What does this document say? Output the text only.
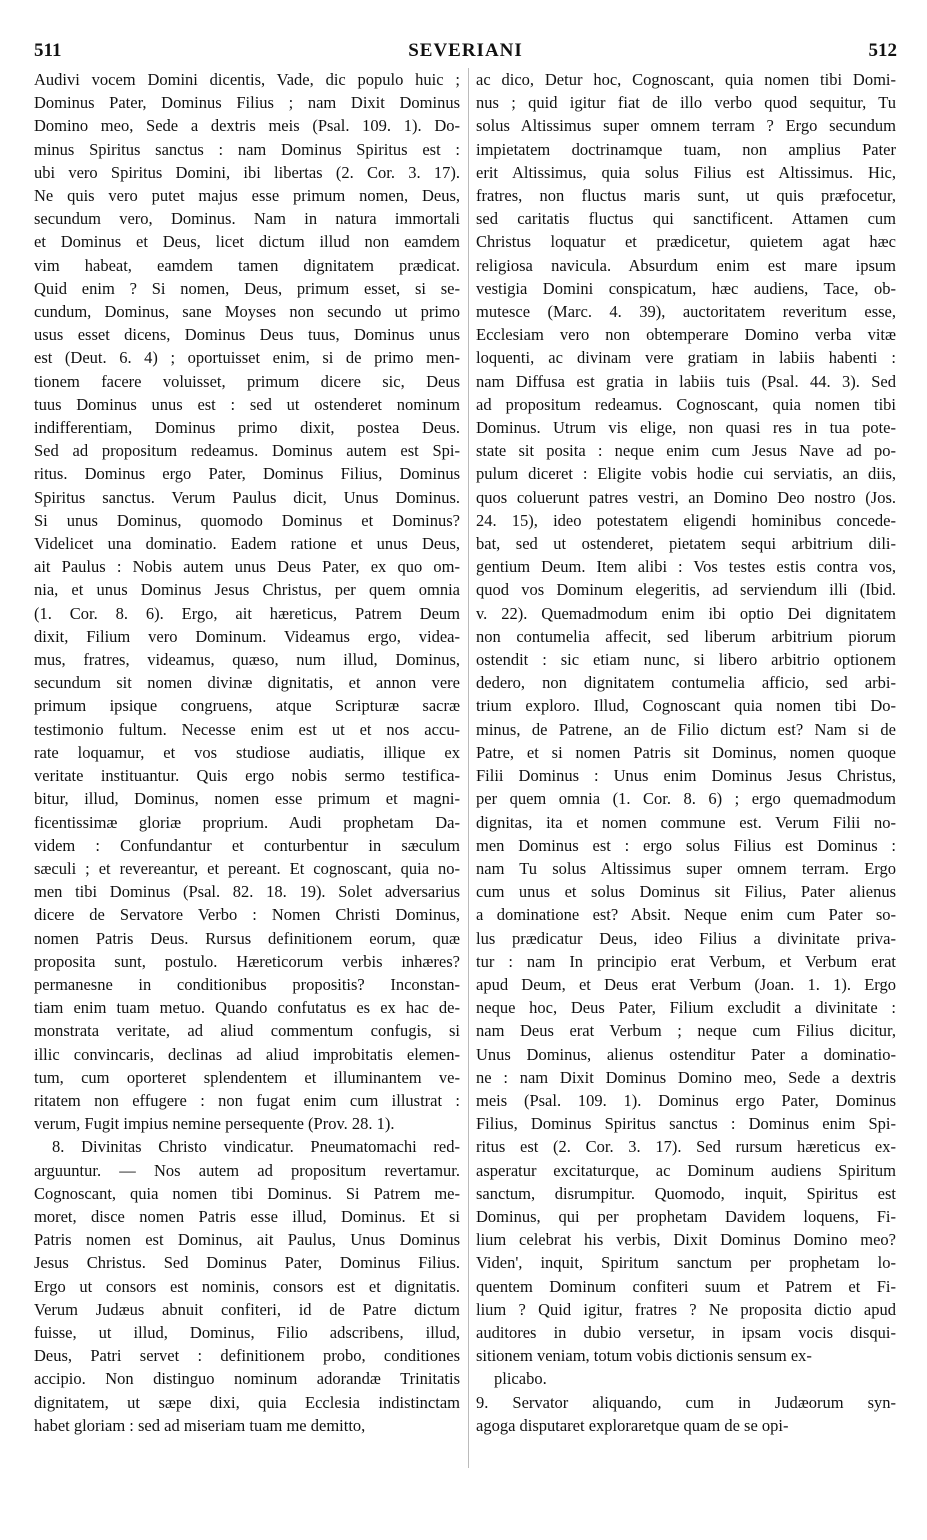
511	SEVERIANI	512
Audivi vocem Domini dicentis, Vade, dic populo huic ;
Dominus Pater, Dominus Filius ; nam Dixit Dominus
Domino meo, Sede a dextris meis (Psal. 109. 1). Do-
minus Spiritus sanctus : nam Dominus Spiritus est :
ubi vero Spiritus Domini, ibi libertas (2. Cor. 3. 17).
Ne quis vero putet majus esse primum nomen, Deus,
secundum vero, Dominus. Nam in natura immortali
et Dominus et Deus, licet dictum illud non eamdem
vim habeat, eamdem tamen dignitatem prædicat.
Quid enim ? Si nomen, Deus, primum esset, si se-
cundum, Dominus, sane Moyses non secundo ut primo
usus esset dicens, Dominus Deus tuus, Dominus unus
est (Deut. 6. 4) ; oportuisset enim, si de primo men-
tionem facere voluisset, primum dicere sic, Deus
tuus Dominus unus est : sed ut ostenderet nominum
indifferentiam, Dominus primo dixit, postea Deus.
Sed ad propositum redeamus. Dominus autem est Spi-
ritus. Dominus ergo Pater, Dominus Filius, Dominus
Spiritus sanctus. Verum Paulus dicit, Unus Dominus.
Si unus Dominus, quomodo Dominus et Dominus?
Videlicet una dominatio. Eadem ratione et unus Deus,
ait Paulus : Nobis autem unus Deus Pater, ex quo om-
nia, et unus Dominus Jesus Christus, per quem omnia
(1. Cor. 8. 6). Ergo, ait hæreticus, Patrem Deum
dixit, Filium vero Dominum. Videamus ergo, videa-
mus, fratres, videamus, quæso, num illud, Dominus,
secundum sit nomen divinæ dignitatis, et annon vere
primum ipsique congruens, atque Scripturæ sacræ
testimonio fultum. Necesse enim est ut et nos accu-
rate loquamur, et vos studiose audiatis, illique ex
veritate instituantur. Quis ergo nobis sermo testifica-
bitur, illud, Dominus, nomen esse primum et magni-
ficentissimæ gloriæ proprium. Audi prophetam Da-
videm : Confundantur et conturbentur in sæculum
sæculi ; et revereantur, et pereant. Et cognoscant, quia no-
men tibi Dominus (Psal. 82. 18. 19). Solet adversarius
dicere de Servatore Verbo : Nomen Christi Dominus,
nomen Patris Deus. Rursus definitionem eorum, quæ
proposita sunt, postulo. Hæreticorum verbis inhæres?
permanesne in conditionibus propositis? Inconstan-
tiam enim tuam metuo. Quando confutatus es ex hac de-
monstrata veritate, ad aliud commentum confugis, si
illic convincaris, declinas ad aliud improbitatis elemen-
tum, cum oporteret splendentem et illuminantem ve-
ritatem non effugere : non fugat enim cum illustrat :
verum, Fugit impius nemine persequente (Prov. 28. 1).
8. Divinitas Christo vindicatur. Pneumatomachi red-
arguuntur. — Nos autem ad propositum revertamur.
Cognoscant, quia nomen tibi Dominus. Si Patrem me-
moret, disce nomen Patris esse illud, Dominus. Et si
Patris nomen est Dominus, ait Paulus, Unus Dominus
Jesus Christus. Sed Dominus Pater, Dominus Filius.
Ergo ut consors est nominis, consors est et dignitatis.
Verum Judæus abnuit confiteri, id de Patre dictum
fuisse, ut illud, Dominus, Filio adscribens, illud,
Deus, Patri servet : definitionem probo, conditiones
accipio. Non distinguo nominum adorandæ Trinitatis
dignitatem, ut sæpe dixi, quia Ecclesia indistinctam
habet gloriam : sed ad miseriam tuam me demitto,
ac dico, Detur hoc, Cognoscant, quia nomen tibi Domi-
nus ; quid igitur fiat de illo verbo quod sequitur, Tu
solus Altissimus super omnem terram ? Ergo secundum
impietatem doctrinamque tuam, non amplius Pater
erit Altissimus, quia solus Filius est Altissimus. Hic,
fratres, non fluctus maris sunt, ut quis præfocetur,
sed caritatis fluctus qui sanctificent. Attamen cum
Christus loquatur et prædicetur, quietem agat hæc
religiosa navicula. Absurdum enim est mare ipsum
vestigia Domini conspicatum, hæc audiens, Tace, ob-
mutesce (Marc. 4. 39), auctoritatem reveritum esse,
Ecclesiam vero non obtemperare Domino verba vitæ
loquenti, ac divinam vere gratiam in labiis habenti :
nam Diffusa est gratia in labiis tuis (Psal. 44. 3). Sed
ad propositum redeamus. Cognoscant, quia nomen tibi
Dominus. Utrum vis elige, non quasi res in tua pote-
state sit posita : neque enim cum Jesus Nave ad po-
pulum diceret : Eligite vobis hodie cui serviatis, an diis,
quos coluerunt patres vestri, an Domino Deo nostro (Jos.
24. 15), ideo potestatem eligendi hominibus concede-
bat, sed ut ostenderet, pietatem sequi arbitrium dili-
gentium Deum. Item alibi : Vos testes estis contra vos,
quod vos Dominum elegeritis, ad serviendum illi (Ibid.
v. 22). Quemadmodum enim ibi optio Dei dignitatem
non contumelia affecit, sed liberum arbitrium piorum
ostendit : sic etiam nunc, si libero arbitrio optionem
dedero, non dignitatem contumelia afficio, sed arbi-
trium exploro. Illud, Cognoscant quia nomen tibi Do-
minus, de Patrene, an de Filio dictum est? Nam si de
Patre, et si nomen Patris sit Dominus, nomen quoque
Filii Dominus : Unus enim Dominus Jesus Christus,
per quem omnia (1. Cor. 8. 6) ; ergo quemadmodum
dignitas, ita et nomen commune est. Verum Filii no-
men Dominus est : ergo solus Filius est Dominus :
nam Tu solus Altissimus super omnem terram. Ergo
cum unus et solus Dominus sit Filius, Pater alienus
a dominatione est? Absit. Neque enim cum Pater so-
lus prædicatur Deus, ideo Filius a divinitate priva-
tur : nam In principio erat Verbum, et Verbum erat
apud Deum, et Deus erat Verbum (Joan. 1. 1). Ergo
neque hoc, Deus Pater, Filium excludit a divinitate :
nam Deus erat Verbum ; neque cum Filius dicitur,
Unus Dominus, alienus ostenditur Pater a dominatio-
ne : nam Dixit Dominus Domino meo, Sede a dextris
meis (Psal. 109. 1). Dominus ergo Pater, Dominus
Filius, Dominus Spiritus sanctus : Dominus enim Spi-
ritus est (2. Cor. 3. 17). Sed rursum hæreticus ex-
asperatur excitaturque, ac Dominum audiens Spiritum
sanctum, disrumpitur. Quomodo, inquit, Spiritus est
Dominus, qui per prophetam Davidem loquens, Fi-
lium celebrat his verbis, Dixit Dominus Domino meo?
Viden', inquit, Spiritum sanctum per prophetam lo-
quentem Dominum confiteri suum et Patrem et Fi-
lium ? Quid igitur, fratres ? Ne proposita dictio apud
auditores in dubio versetur, in ipsam vocis disqui-
sitionem veniam, totum vobis dictionis sensum ex-
plicabo.
9. Servator aliquando, cum in Judæorum syn-
agoga disputaret exploraretque quam de se opi-
